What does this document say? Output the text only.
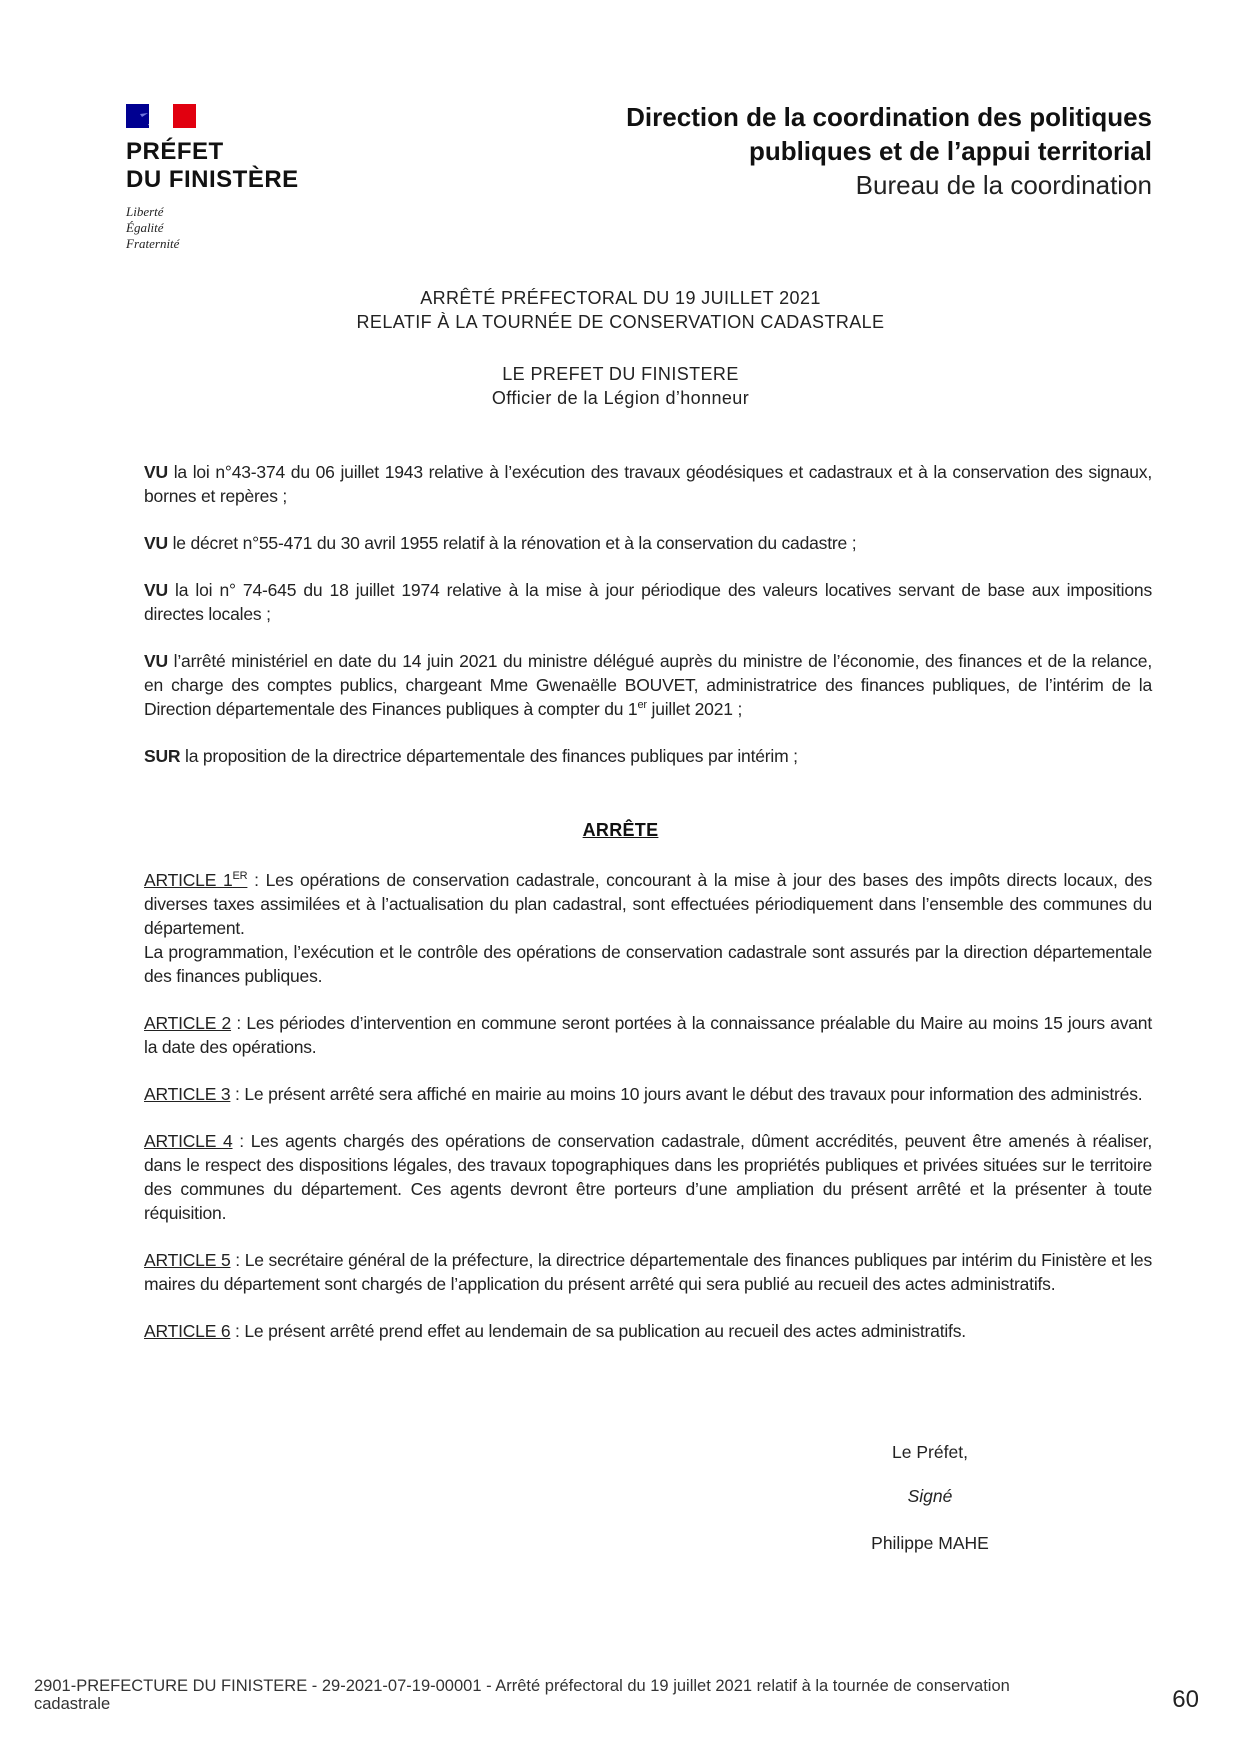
PRÉFET
DU FINISTÈRE
Liberté
Égalité
Fraternité
Direction de la coordination des politiques
publiques et de l’appui territorial
Bureau de la coordination
ARRÊTÉ PRÉFECTORAL DU 19 JUILLET 2021
RELATIF À LA TOURNÉE DE CONSERVATION CADASTRALE
LE PREFET DU FINISTERE
Officier de la Légion d’honneur

VU la loi n°43-374 du 06 juillet 1943 relative à l’exécution des travaux géodésiques et cadastraux et à la conservation des signaux, bornes et repères ;

VU le décret n°55-471 du 30 avril 1955 relatif à la rénovation et à la conservation du cadastre ;

VU la loi n° 74-645 du 18 juillet 1974 relative à la mise à jour périodique des valeurs locatives servant de base aux impositions directes locales ;

VU l’arrêté ministériel en date du 14 juin 2021 du ministre délégué auprès du ministre de l’économie, des finances et de la relance, en charge des comptes publics, chargeant Mme Gwenaëlle BOUVET, administratrice des finances publiques, de l’intérim de la Direction départementale des Finances publiques à compter du 1er juillet 2021 ;

SUR la proposition de la directrice départementale des finances publiques par intérim ;

ARRÊTE

ARTICLE 1ER : Les opérations de conservation cadastrale, concourant à la mise à jour des bases des impôts directs locaux, des diverses taxes assimilées et à l’actualisation du plan cadastral, sont effectuées périodiquement dans l’ensemble des communes du département.

La programmation, l’exécution et le contrôle des opérations de conservation cadastrale sont assurés par la direction départementale des finances publiques.

ARTICLE 2 : Les périodes d’intervention en commune seront portées à la connaissance préalable du Maire au moins 15 jours avant la date des opérations.

ARTICLE 3 : Le présent arrêté sera affiché en mairie au moins 10 jours avant le début des travaux pour information des administrés.

ARTICLE 4 : Les agents chargés des opérations de conservation cadastrale, dûment accrédités, peuvent être amenés à réaliser, dans le respect des dispositions légales, des travaux topographiques dans les propriétés publiques et privées situées sur le territoire des communes du département. Ces agents devront être porteurs d’une ampliation du présent arrêté et la présenter à toute réquisition.

ARTICLE 5 : Le secrétaire général de la préfecture, la directrice départementale des finances publiques par intérim du Finistère et les maires du département sont chargés de l’application du présent arrêté qui sera publié au recueil des actes administratifs.

ARTICLE 6 : Le présent arrêté prend effet au lendemain de sa publication au recueil des actes administratifs.

Le Préfet,
Signé
Philippe MAHE
2901-PREFECTURE DU FINISTERE - 29-2021-07-19-00001 - Arrêté préfectoral du 19 juillet 2021 relatif à la tournée de conservation cadastrale	60
